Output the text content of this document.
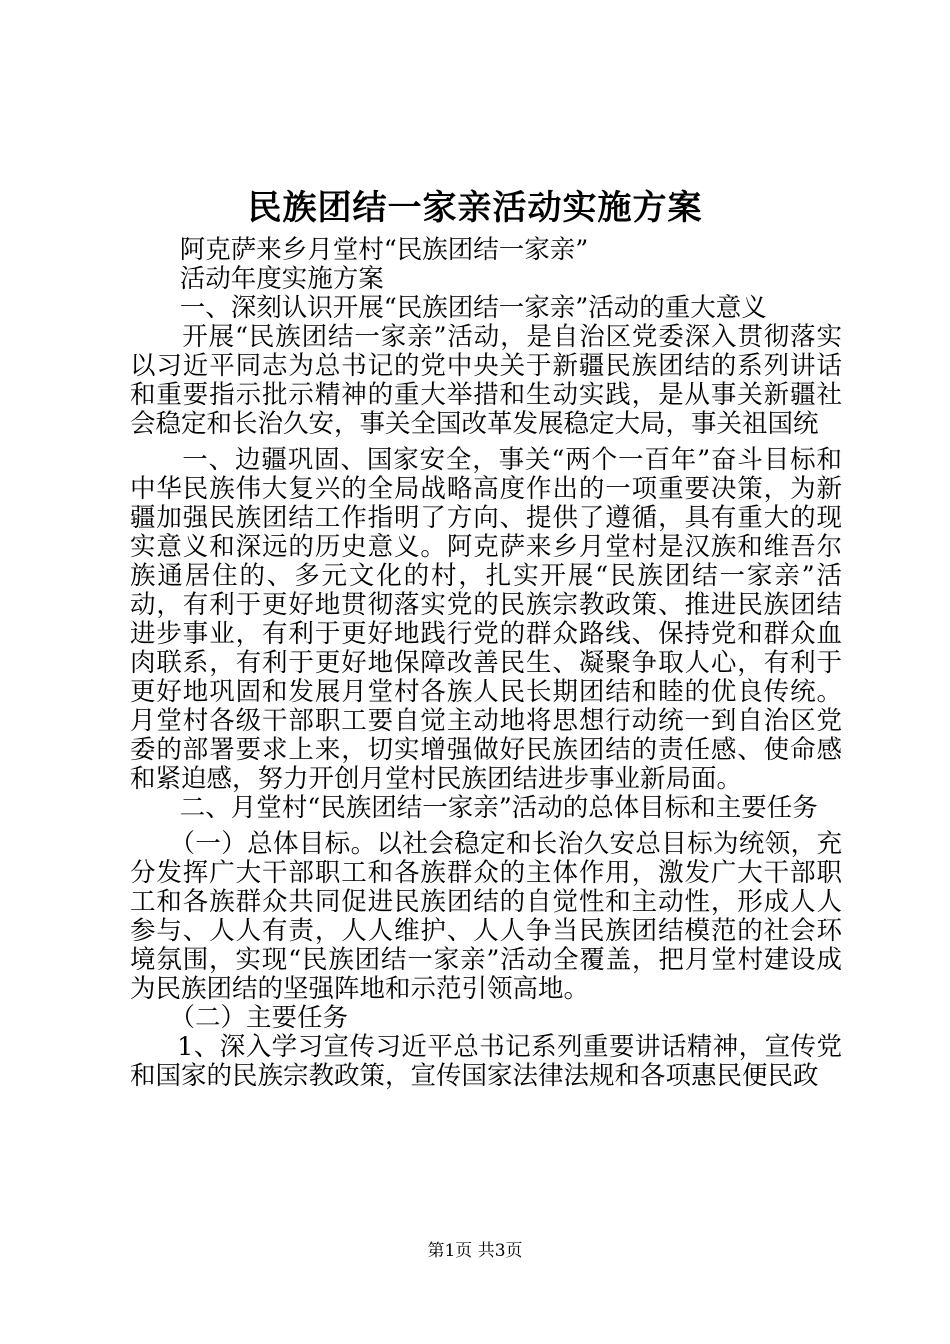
民族团结一家亲活动实施方案

阿克萨来乡月堂村“民族团结一家亲”

活动年度实施方案

一、深刻认识开展“民族团结一家亲”活动的重大意义

开展“民族团结一家亲”活动，是自治区党委深入贯彻落实以习近平同志为总书记的党中央关于新疆民族团结的系列讲话和重要指示批示精神的重大举措和生动实践，是从事关新疆社会稳定和长治久安，事关全国改革发展稳定大局，事关祖国统

一、边疆巩固、国家安全，事关“两个一百年”奋斗目标和中华民族伟大复兴的全局战略高度作出的一项重要决策，为新疆加强民族团结工作指明了方向、提供了遵循，具有重大的现实意义和深远的历史意义。阿克萨来乡月堂村是汉族和维吾尔族通居住的、多元文化的村，扎实开展“民族团结一家亲”活动，有利于更好地贯彻落实党的民族宗教政策、推进民族团结进步事业，有利于更好地践行党的群众路线、保持党和群众血肉联系，有利于更好地保障改善民生、凝聚争取人心，有利于更好地巩固和发展月堂村各族人民长期团结和睦的优良传统。月堂村各级干部职工要自觉主动地将思想行动统一到自治区党委的部署要求上来，切实增强做好民族团结的责任感、使命感和紧迫感，努力开创月堂村民族团结进步事业新局面。

二、月堂村“民族团结一家亲”活动的总体目标和主要任务

（一）总体目标。以社会稳定和长治久安总目标为统领，充分发挥广大干部职工和各族群众的主体作用，激发广大干部职工和各族群众共同促进民族团结的自觉性和主动性，形成人人参与、人人有责，人人维护、人人争当民族团结模范的社会环境氛围，实现“民族团结一家亲”活动全覆盖，把月堂村建设成为民族团结的坚强阵地和示范引领高地。

（二）主要任务

1、深入学习宣传习近平总书记系列重要讲话精神，宣传党和国家的民族宗教政策，宣传国家法律法规和各项惠民便民政

第1页 共3页
